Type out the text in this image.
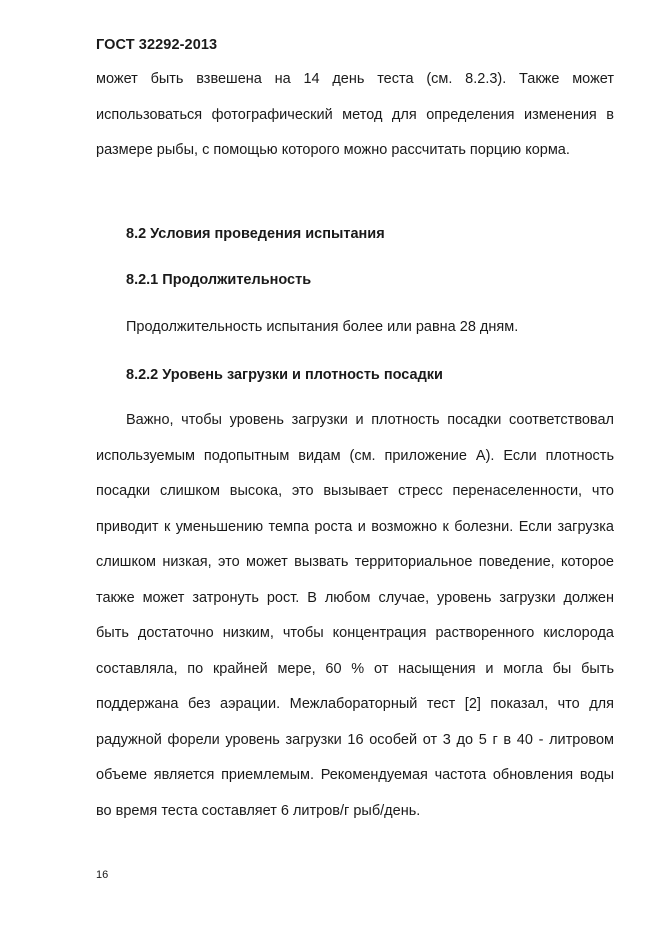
ГОСТ 32292-2013
может быть взвешена на 14 день теста (см. 8.2.3). Также может использоваться фотографический метод для определения изменения в размере рыбы, с помощью которого можно рассчитать порцию корма.
8.2 Условия проведения испытания
8.2.1 Продолжительность
Продолжительность испытания более или равна 28 дням.
8.2.2 Уровень загрузки и плотность посадки
Важно, чтобы уровень загрузки и плотность посадки соответствовал используемым подопытным видам (см. приложение А). Если плотность посадки слишком высока, это вызывает стресс перенаселенности, что приводит к уменьшению темпа роста и возможно к болезни. Если загрузка слишком низкая, это может вызвать территориальное поведение, которое также может затронуть рост. В любом случае, уровень загрузки должен быть достаточно низким, чтобы концентрация растворенного кислорода составляла, по крайней мере, 60 % от насыщения и могла бы быть поддержана без аэрации. Межлабораторный тест [2] показал, что для радужной форели уровень загрузки 16 особей от 3 до 5 г в 40 - литровом объеме является приемлемым. Рекомендуемая частота обновления воды во время теста составляет 6 литров/г рыб/день.
16
